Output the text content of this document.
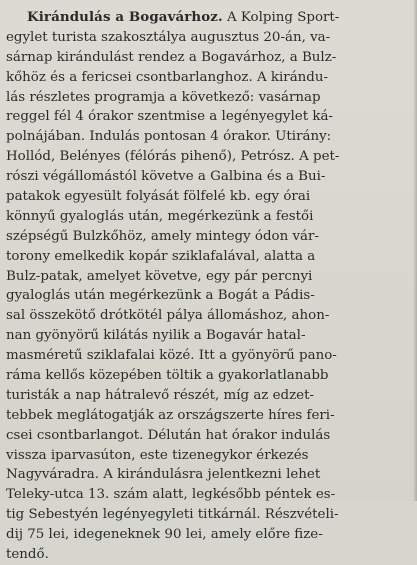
Kirándulás a Bogavárhoz. A Kolping Sport-
egylet turista szakosztálya augusztus 20-án, va-
sárnap kirándulást rendez a Bogavárhoz, a Bulz-
kőhöz és a fericsei csontbarlanghoz. A kirándu-
lás részletes programja a következő: vasárnap
reggel fél 4 órakor szentmise a legényegylet ká-
polnájában. Indulás pontosan 4 órakor. Utirány:
Hollód, Belényes (félórás pihenő), Petrósz. A pet-
rószi végállomástól követve a Galbina és a Bui-
patakok egyesült folyását fölfelé kb. egy órai
könnyű gyaloglás után, megérkezünk a festői
szépségű Bulzkőhöz, amely mintegy ódon vár-
torony emelkedik kopár sziklafalával, alatta a
Bulz-patak, amelyet követve, egy pár percnyi
gyaloglás után megérkezünk a Bogát a Pádis-
sal összekötő drótkötél pálya állomáshoz, ahon-
nan gyönyörű kilátás nyilik a Bogavár hatal-
masméretű sziklafalai közé. Itt a gyönyörű pano-
ráma kellős közepében töltik a gyakorlatlanabb
turisták a nap hátralevő részét, míg az edzet-
tebbek meglátogatják az országszerte híres feri-
csei csontbarlangot. Délután hat órakor indulás
vissza iparvasúton, este tizenegykor érkezés
Nagyváradra. A kirándulásra jelentkezni lehet
Teleky-utca 13. szám alatt, legkésőbb péntek es-
tig Sebestyén legényegyleti titkárnál. Részvételi-
dij 75 lei, idegeneknek 90 lei, amely előre fize-
tendő.
